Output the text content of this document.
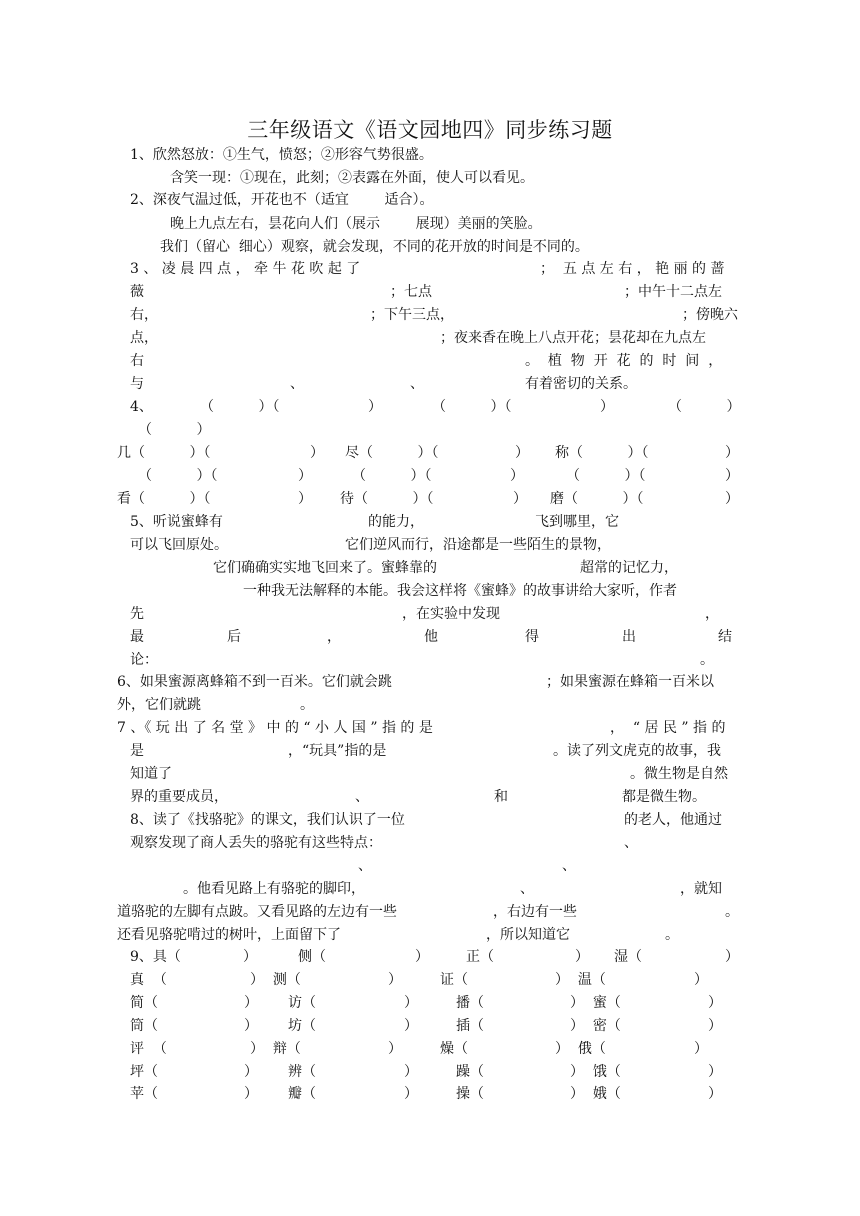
三年级语文《语文园地四》同步练习题
1、欣然怒放：①生气，愤怒；②形容气势很盛。
含笑一现：①现在，此刻；②表露在外面，使人可以看见。
2、深夜气温过低，开花也不（适宜        适合）。
晚上九点左右，昙花向人们（展示        展现）美丽的笑脸。
我们（留心  细心）观察，就会发现，不同的花开放的时间是不同的。
3 、 凌 晨 四 点 ， 牵 牛 花 吹 起 了	；  五 点 左 右 ， 艳 丽 的 蔷
薇	；七点	；中午十二点左
右，	；下午三点，	；傍晚六
点，	；夜来香在晚上八点开花；昙花却在九点左
右	。  植  物  开  花  的  时  间  ，
与	、	、	有着密切的关系。
4、	（          ）（	）	（          ）（	）	（          ）
（          ）
几（          ）（	） 尽（          ）（	） 称（          ）（	）
（          ）（	）	（          ）（	）	（          ）（	）
看（          ）（	） 待（          ）（	） 磨（          ）（	）
5、听说蜜蜂有	的能力，	飞到哪里，它
可以飞回原处。	它们逆风而行，沿途都是一些陌生的景物，
它们确确实实地飞回来了。蜜蜂靠的	超常的记忆力，
一种我无法解释的本能。我会这样将《蜜蜂》的故事讲给大家听，作者
先	，在实验中发现	，
最	后	，	他	得	出	结
论：	。
6、如果蜜源离蜂箱不到一百米。它们就会跳	；如果蜜源在蜂箱一百米以
外，它们就跳	。
7 、《 玩 出 了 名 堂 》 中 的 “ 小 人 国 ” 指 的 是	，  “ 居 民 ” 指 的
是	，“玩具”指的是	。读了列文虎克的故事，我
知道了	。微生物是自然
界的重要成员，	、	和	都是微生物。
8、读了《找骆驼》的课文，我们认识了一位	的老人，他通过
观察发现了商人丢失的骆驼有这些特点：	、
、	、
。他看见路上有骆驼的脚印，	、	，就知
道骆驼的左脚有点跛。又看见路的左边有一些	，右边有一些	。
还看见骆驼啃过的树叶，上面留下了	，所以知道它	。
9、具（	）	侧（	）	正（	） 湿（	）
真  （	）  测（	）	证（	）  温（	）
简（	） 访（	）	播（	）  蜜（	）
筒（	） 坊（	）	插（	）  密（	）
评  （	）  辩（	）	燥（	）  俄（	）
坪（	） 辨（	）	躁（	）  饿（	）
苹（	） 瓣（	）	操（	）  娥（	）
